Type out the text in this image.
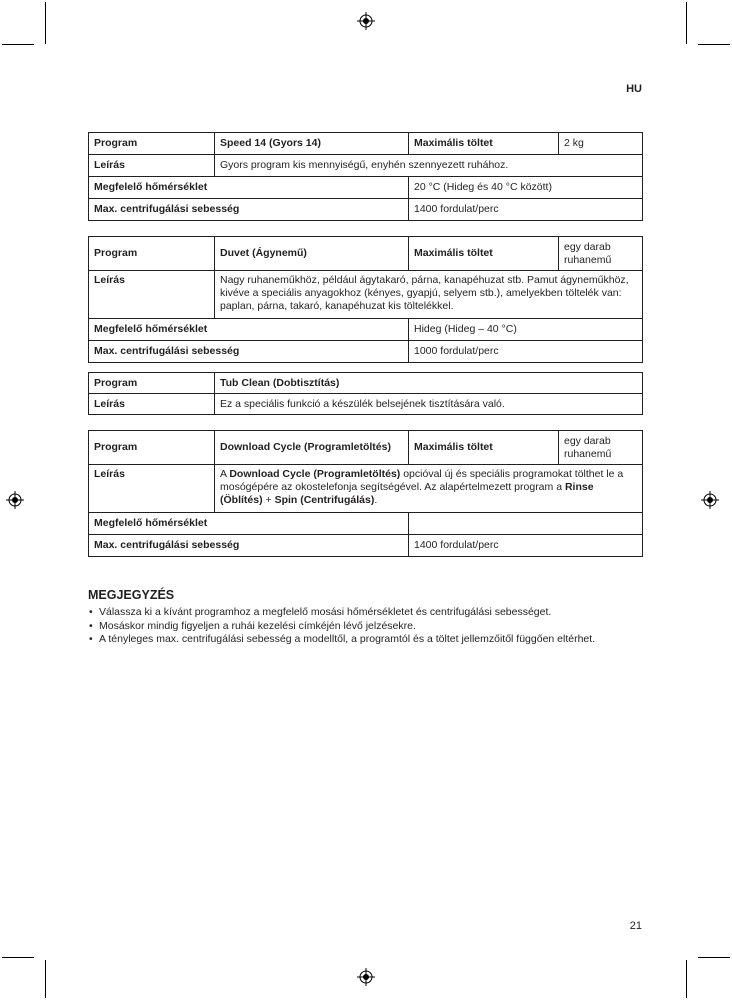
HU
Program	Speed 14 (Gyors 14)	Maximális töltet	2 kg
Leírás	Gyors program kis mennyiségű, enyhén szennyezett ruhához.		
Megfelelő hőmérséklet		20 °C (Hideg és 40 °C között)	
Max. centrifugálási sebesség		1400 fordulat/perc	
Program	Duvet (Ágynemű)	Maximális töltet	egy darab ruhanemű
Leírás	Nagy ruhaneműkhöz, például ágytakaró, párna, kanapéhuzat stb. Pamut ágyneműkhöz, kivéve a speciális anyagokhoz (kényes, gyapjú, selyem stb.), amelyekben töltelék van: paplan, párna, takaró, kanapéhuzat kis töltelékkel.		
Megfelelő hőmérséklet		Hideg (Hideg – 40 °C)	
Max. centrifugálási sebesség		1000 fordulat/perc	
Program	Tub Clean (Dobtisztítás)
Leírás	Ez a speciális funkció a készülék belsejének tisztítására való.
Program	Download Cycle (Programletöltés)	Maximális töltet	egy darab ruhanemű
Leírás	A Download Cycle (Programletöltés) opcióval új és speciális programokat tölthet le a mosógépére az okostelefonja segítségével. Az alapértelmezett program a Rinse (Öblítés) + Spin (Centrifugálás).		
Megfelelő hőmérséklet			
Max. centrifugálási sebesség		1400 fordulat/perc	
MEGJEGYZÉS
• Válassza ki a kívánt programhoz a megfelelő mosási hőmérsékletet és centrifugálási sebességet.
• Mosáskor mindig figyeljen a ruhái kezelési címkéjén lévő jelzésekre.
• A tényleges max. centrifugálási sebesség a modelltől, a programtól és a töltet jellemzőitől függően eltérhet.
21
